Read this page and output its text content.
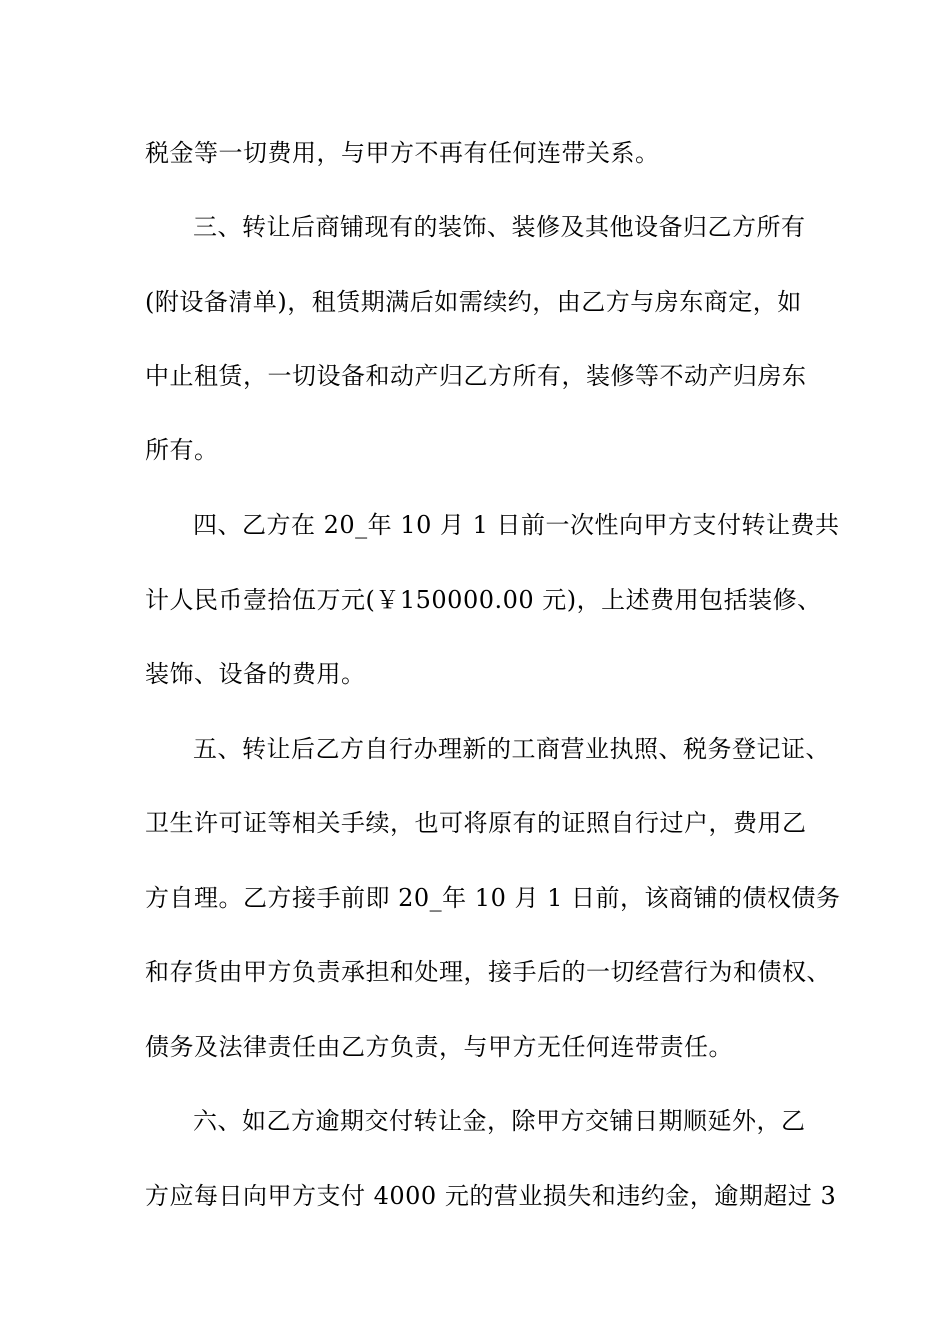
税金等一切费用，与甲方不再有任何连带关系。
三、转让后商铺现有的装饰、装修及其他设备归乙方所有
(附设备清单)，租赁期满后如需续约，由乙方与房东商定，如
中止租赁，一切设备和动产归乙方所有，装修等不动产归房东
所有。
四、乙方在 20_年 10 月 1 日前一次性向甲方支付转让费共
计人民币壹拾伍万元(￥150000.00 元)，上述费用包括装修、
装饰、设备的费用。
五、转让后乙方自行办理新的工商营业执照、税务登记证、
卫生许可证等相关手续，也可将原有的证照自行过户，费用乙
方自理。乙方接手前即 20_年 10 月 1 日前，该商铺的债权债务
和存货由甲方负责承担和处理，接手后的一切经营行为和债权、
债务及法律责任由乙方负责，与甲方无任何连带责任。
六、如乙方逾期交付转让金，除甲方交铺日期顺延外，乙
方应每日向甲方支付 4000 元的营业损失和违约金，逾期超过 3
